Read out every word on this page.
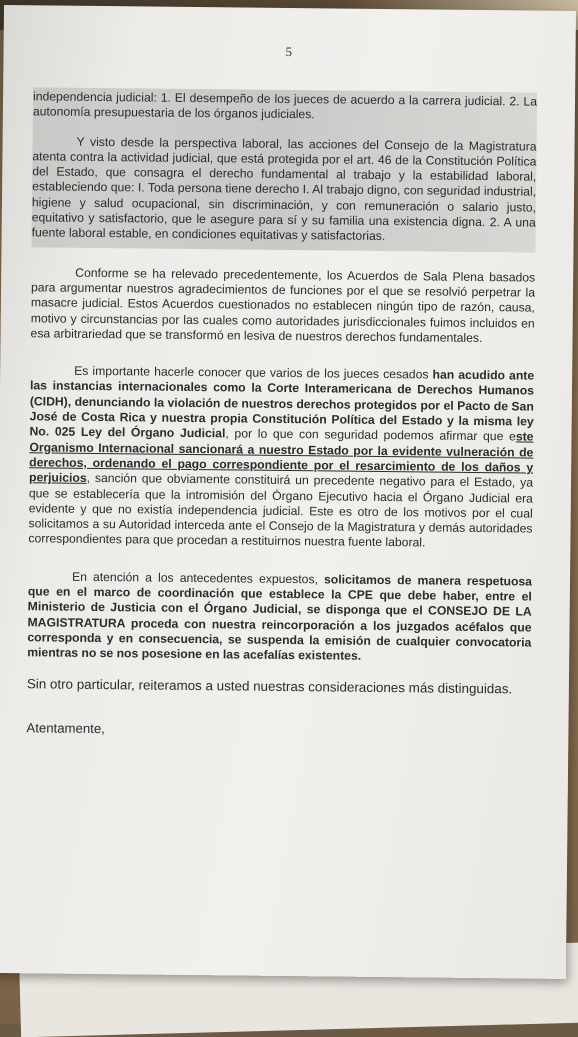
5

independencia judicial: 1. El desempeño de los jueces de acuerdo a la carrera judicial. 2. La autonomía presupuestaria de los órganos judiciales.

Y visto desde la perspectiva laboral, las acciones del Consejo de la Magistratura atenta contra la actividad judicial, que está protegida por el art. 46 de la Constitución Política del Estado, que consagra el derecho fundamental al trabajo y la estabilidad laboral, estableciendo que: I. Toda persona tiene derecho I. Al trabajo digno, con seguridad industrial, higiene y salud ocupacional, sin discriminación, y con remuneración o salario justo, equitativo y satisfactorio, que le asegure para sí y su familia una existencia digna. 2. A una fuente laboral estable, en condiciones equitativas y satisfactorias.

Conforme se ha relevado precedentemente, los Acuerdos de Sala Plena basados para argumentar nuestros agradecimientos de funciones por el que se resolvió perpetrar la masacre judicial. Estos Acuerdos cuestionados no establecen ningún tipo de razón, causa, motivo y circunstancias por las cuales como autoridades jurisdiccionales fuimos incluidos en esa arbitrariedad que se transformó en lesiva de nuestros derechos fundamentales.

Es importante hacerle conocer que varios de los jueces cesados han acudido ante las instancias internacionales como la Corte Interamericana de Derechos Humanos (CIDH), denunciando la violación de nuestros derechos protegidos por el Pacto de San José de Costa Rica y nuestra propia Constitución Política del Estado y la misma ley No. 025 Ley del Órgano Judicial, por lo que con seguridad podemos afirmar que este Organismo Internacional sancionará a nuestro Estado por la evidente vulneración de derechos, ordenando el pago correspondiente por el resarcimiento de los daños y perjuicios, sanción que obviamente constituirá un precedente negativo para el Estado, ya que se establecería que la intromisión del Órgano Ejecutivo hacia el Órgano Judicial era evidente y que no existía independencia judicial. Este es otro de los motivos por el cual solicitamos a su Autoridad interceda ante el Consejo de la Magistratura y demás autoridades correspondientes para que procedan a restituirnos nuestra fuente laboral.

En atención a los antecedentes expuestos, solicitamos de manera respetuosa que en el marco de coordinación que establece la CPE que debe haber, entre el Ministerio de Justicia con el Órgano Judicial, se disponga que el CONSEJO DE LA MAGISTRATURA proceda con nuestra reincorporación a los juzgados acéfalos que corresponda y en consecuencia, se suspenda la emisión de cualquier convocatoria mientras no se nos posesione en las acefalías existentes.

Sin otro particular, reiteramos a usted nuestras consideraciones más distinguidas.

Atentamente,
